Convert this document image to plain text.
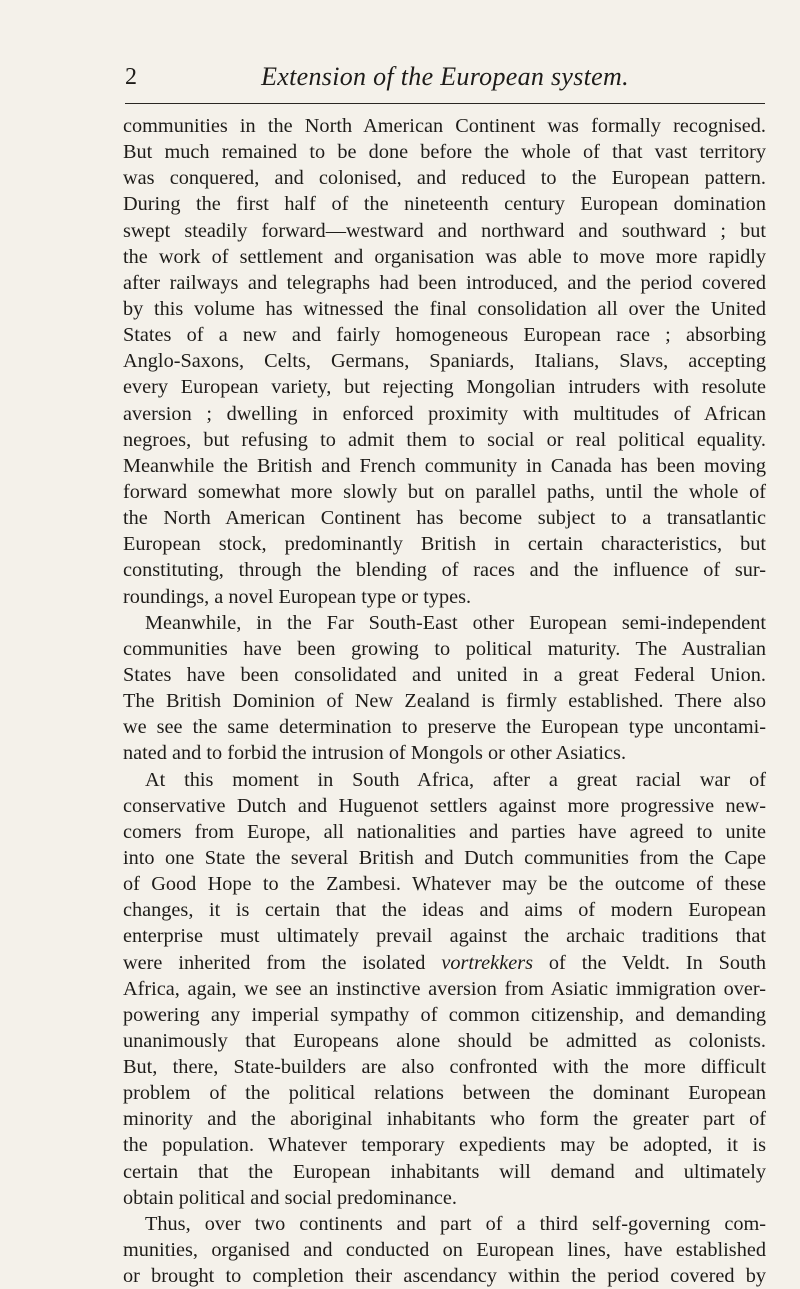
2	Extension of the European system.
communities in the North American Continent was formally recognised.
But much remained to be done before the whole of that vast territory
was conquered, and colonised, and reduced to the European pattern.
During the first half of the nineteenth century European domination
swept steadily forward—westward and northward and southward ; but
the work of settlement and organisation was able to move more rapidly
after railways and telegraphs had been introduced, and the period covered
by this volume has witnessed the final consolidation all over the United
States of a new and fairly homogeneous European race ; absorbing
Anglo-Saxons, Celts, Germans, Spaniards, Italians, Slavs, accepting
every European variety, but rejecting Mongolian intruders with resolute
aversion ; dwelling in enforced proximity with multitudes of African
negroes, but refusing to admit them to social or real political equality.
Meanwhile the British and French community in Canada has been moving
forward somewhat more slowly but on parallel paths, until the whole of
the North American Continent has become subject to a transatlantic
European stock, predominantly British in certain characteristics, but
constituting, through the blending of races and the influence of sur-
roundings, a novel European type or types.
Meanwhile, in the Far South-East other European semi-independent
communities have been growing to political maturity. The Australian
States have been consolidated and united in a great Federal Union.
The British Dominion of New Zealand is firmly established. There also
we see the same determination to preserve the European type uncontami-
nated and to forbid the intrusion of Mongols or other Asiatics.
At this moment in South Africa, after a great racial war of
conservative Dutch and Huguenot settlers against more progressive new-
comers from Europe, all nationalities and parties have agreed to unite
into one State the several British and Dutch communities from the Cape
of Good Hope to the Zambesi. Whatever may be the outcome of these
changes, it is certain that the ideas and aims of modern European
enterprise must ultimately prevail against the archaic traditions that
were inherited from the isolated vortrekkers of the Veldt. In South
Africa, again, we see an instinctive aversion from Asiatic immigration over-
powering any imperial sympathy of common citizenship, and demanding
unanimously that Europeans alone should be admitted as colonists.
But, there, State-builders are also confronted with the more difficult
problem of the political relations between the dominant European
minority and the aboriginal inhabitants who form the greater part of
the population. Whatever temporary expedients may be adopted, it is
certain that the European inhabitants will demand and ultimately
obtain political and social predominance.
Thus, over two continents and part of a third self-governing com-
munities, organised and conducted on European lines, have established
or brought to completion their ascendancy within the period covered by
